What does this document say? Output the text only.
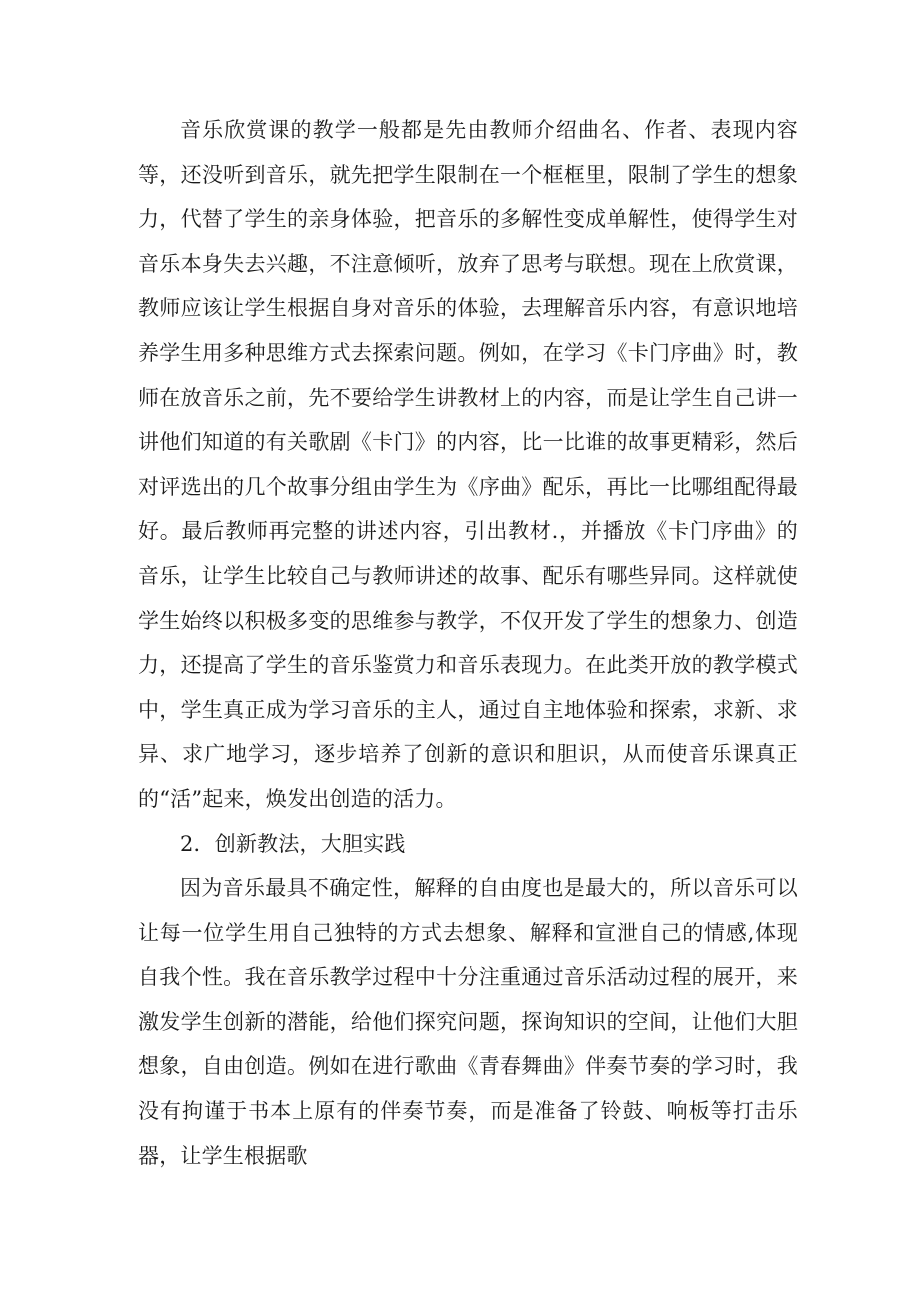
音乐欣赏课的教学一般都是先由教师介绍曲名、作者、表现内容等，还没听到音乐，就先把学生限制在一个框框里，限制了学生的想象力，代替了学生的亲身体验，把音乐的多解性变成单解性，使得学生对音乐本身失去兴趣，不注意倾听，放弃了思考与联想。现在上欣赏课，教师应该让学生根据自身对音乐的体验，去理解音乐内容，有意识地培养学生用多种思维方式去探索问题。例如，在学习《卡门序曲》时，教师在放音乐之前，先不要给学生讲教材上的内容，而是让学生自己讲一讲他们知道的有关歌剧《卡门》的内容，比一比谁的故事更精彩，然后对评选出的几个故事分组由学生为《序曲》配乐，再比一比哪组配得最好。最后教师再完整的讲述内容，引出教材.，并播放《卡门序曲》的音乐，让学生比较自己与教师讲述的故事、配乐有哪些异同。这样就使学生始终以积极多变的思维参与教学，不仅开发了学生的想象力、创造力，还提高了学生的音乐鉴赏力和音乐表现力。在此类开放的教学模式中，学生真正成为学习音乐的主人，通过自主地体验和探索，求新、求异、求广地学习，逐步培养了创新的意识和胆识，从而使音乐课真正的“活”起来，焕发出创造的活力。

2．创新教法，大胆实践

因为音乐最具不确定性，解释的自由度也是最大的，所以音乐可以让每一位学生用自己独特的方式去想象、解释和宣泄自己的情感,体现自我个性。我在音乐教学过程中十分注重通过音乐活动过程的展开，来激发学生创新的潜能，给他们探究问题，探询知识的空间，让他们大胆想象，自由创造。例如在进行歌曲《青春舞曲》伴奏节奏的学习时，我没有拘谨于书本上原有的伴奏节奏，而是准备了铃鼓、响板等打击乐器，让学生根据歌
